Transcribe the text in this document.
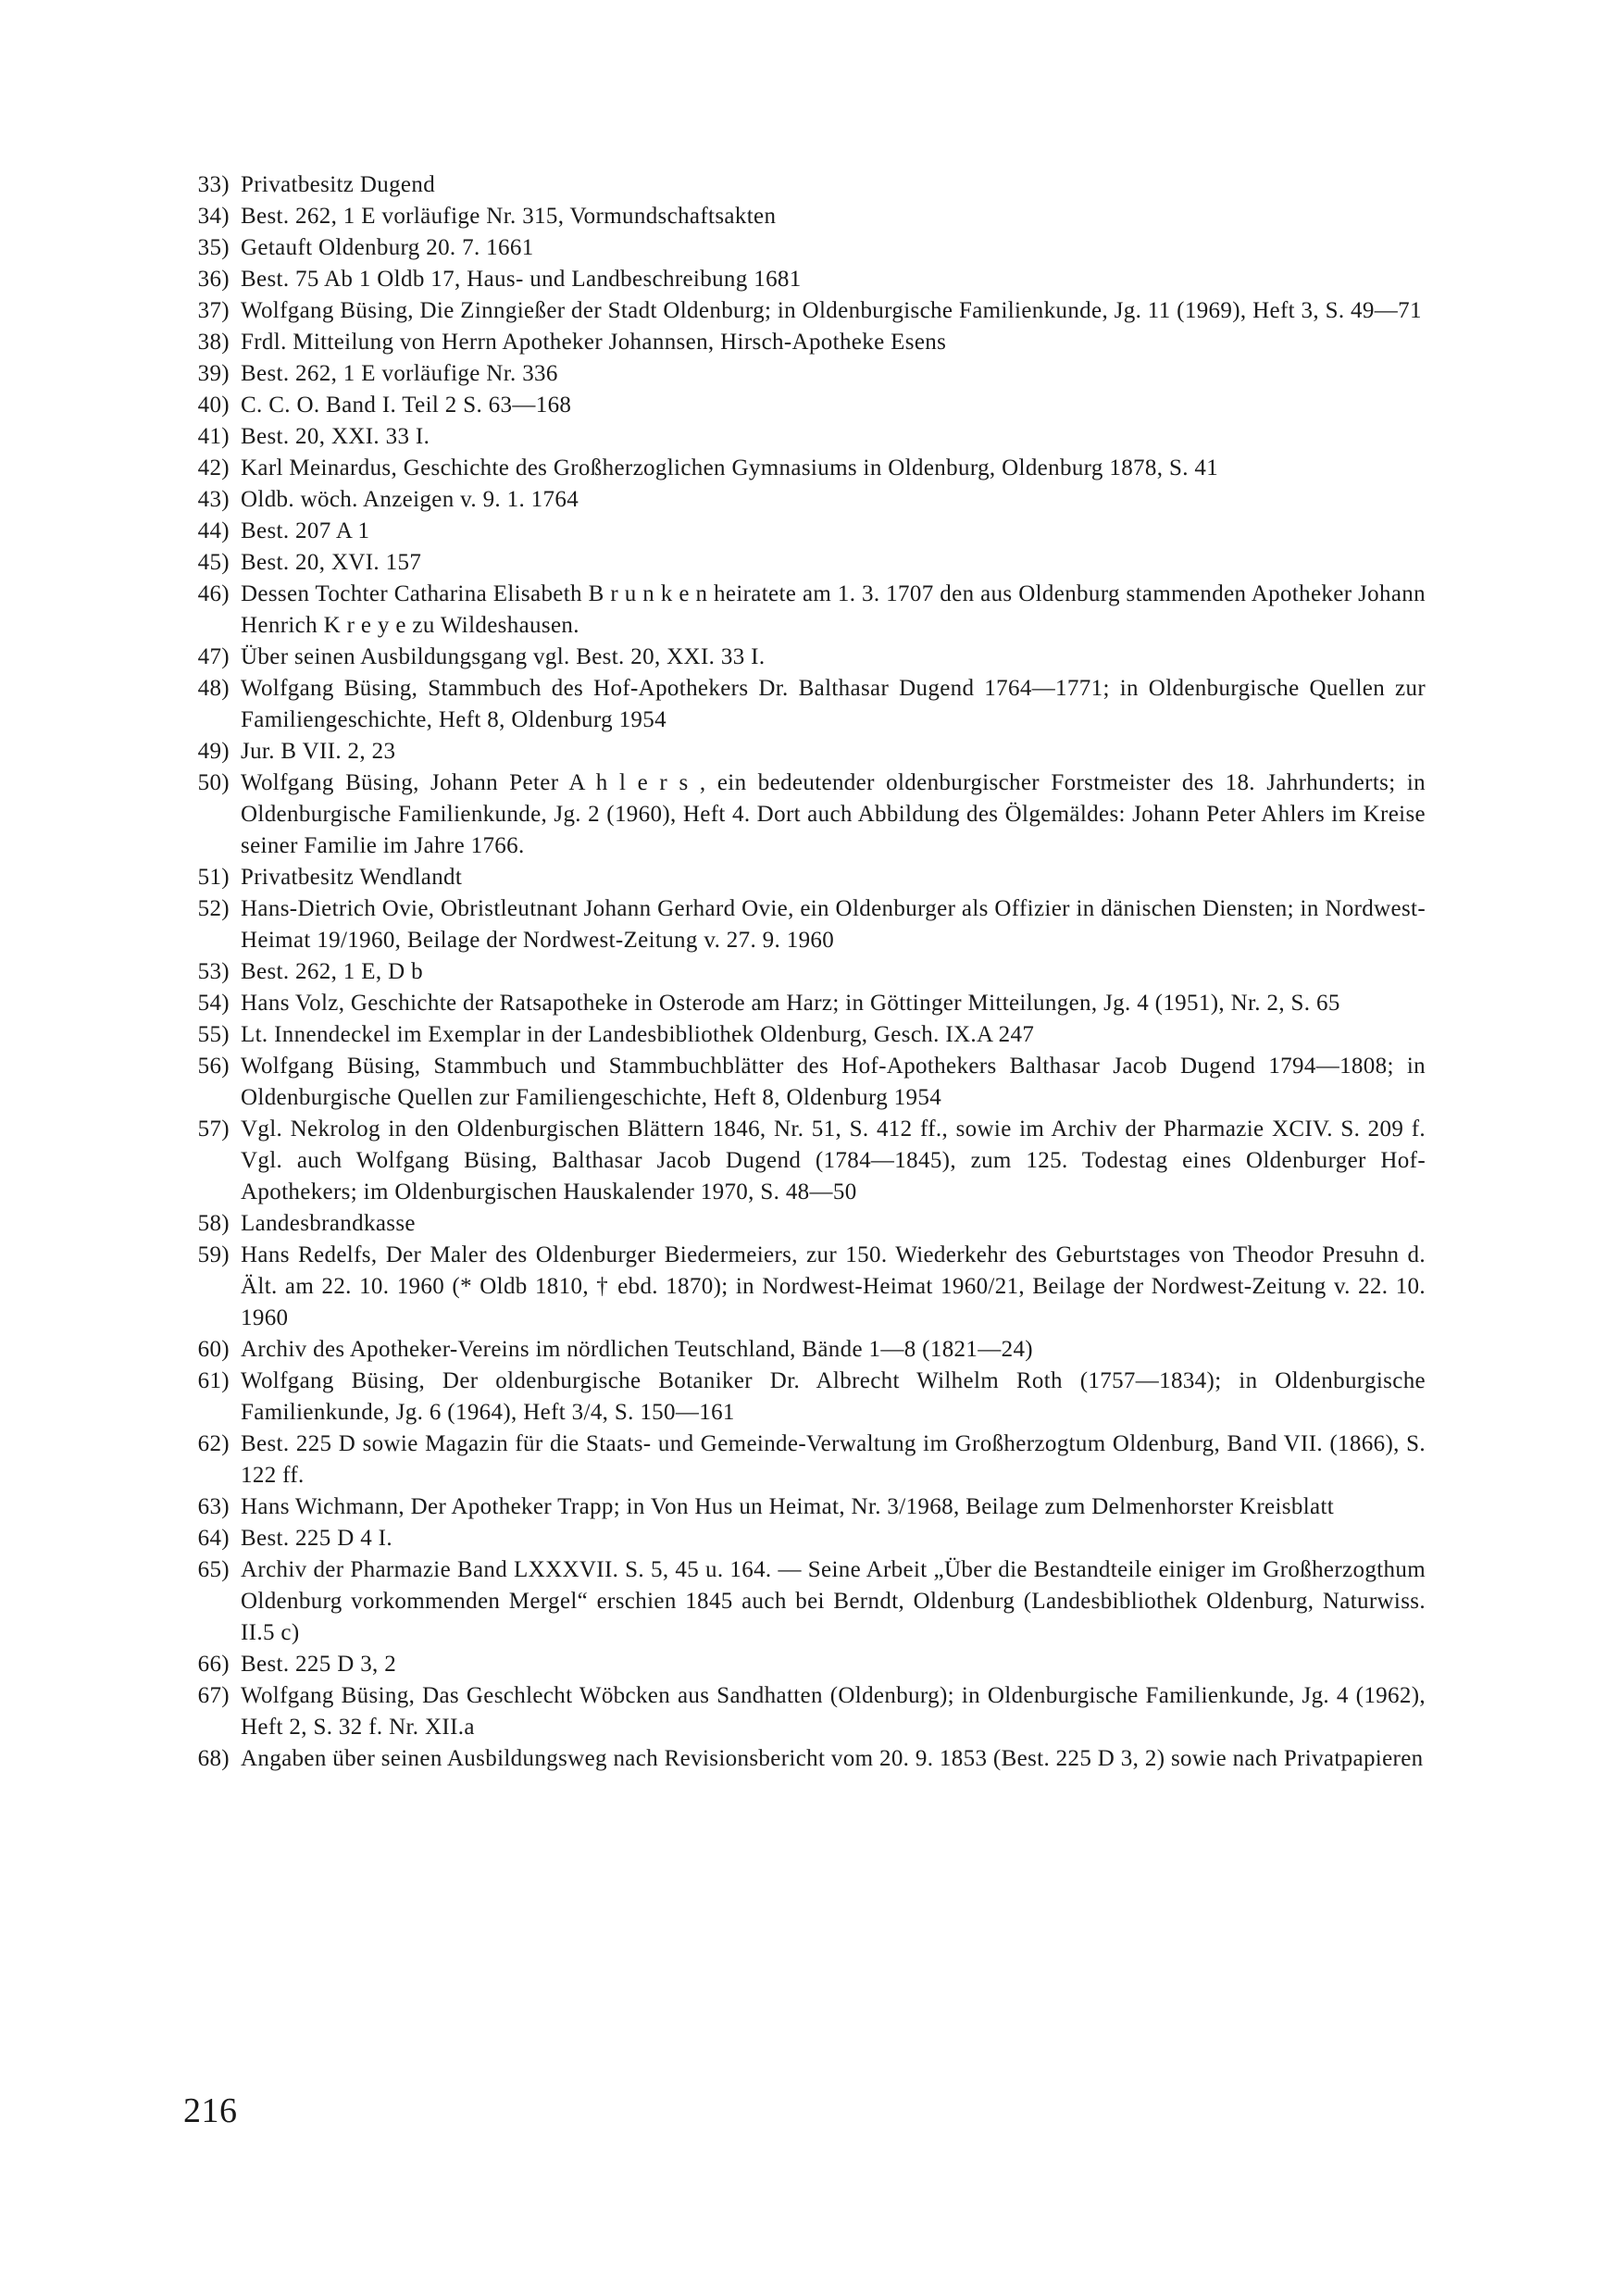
33) Privatbesitz Dugend
34) Best. 262, 1 E vorläufige Nr. 315, Vormundschaftsakten
35) Getauft Oldenburg 20. 7. 1661
36) Best. 75 Ab 1 Oldb 17, Haus- und Landbeschreibung 1681
37) Wolfgang Büsing, Die Zinngießer der Stadt Oldenburg; in Oldenburgische Familienkunde, Jg. 11 (1969), Heft 3, S. 49—71
38) Frdl. Mitteilung von Herrn Apotheker Johannsen, Hirsch-Apotheke Esens
39) Best. 262, 1 E vorläufige Nr. 336
40) C. C. O. Band I. Teil 2 S. 63—168
41) Best. 20, XXI. 33 I.
42) Karl Meinardus, Geschichte des Großherzoglichen Gymnasiums in Oldenburg, Oldenburg 1878, S. 41
43) Oldb. wöch. Anzeigen v. 9. 1. 1764
44) Best. 207 A 1
45) Best. 20, XVI. 157
46) Dessen Tochter Catharina Elisabeth B r u n k e n heiratete am 1. 3. 1707 den aus Oldenburg stammenden Apotheker Johann Henrich K r e y e zu Wildeshausen.
47) Über seinen Ausbildungsgang vgl. Best. 20, XXI. 33 I.
48) Wolfgang Büsing, Stammbuch des Hof-Apothekers Dr. Balthasar Dugend 1764—1771; in Oldenburgische Quellen zur Familiengeschichte, Heft 8, Oldenburg 1954
49) Jur. B VII. 2, 23
50) Wolfgang Büsing, Johann Peter A h l e r s , ein bedeutender oldenburgischer Forstmeister des 18. Jahrhunderts; in Oldenburgische Familienkunde, Jg. 2 (1960), Heft 4. Dort auch Abbildung des Ölgemäldes: Johann Peter Ahlers im Kreise seiner Familie im Jahre 1766.
51) Privatbesitz Wendlandt
52) Hans-Dietrich Ovie, Obristleutnant Johann Gerhard Ovie, ein Oldenburger als Offizier in dänischen Diensten; in Nordwest-Heimat 19/1960, Beilage der Nordwest-Zeitung v. 27. 9. 1960
53) Best. 262, 1 E, D b
54) Hans Volz, Geschichte der Ratsapotheke in Osterode am Harz; in Göttinger Mitteilungen, Jg. 4 (1951), Nr. 2, S. 65
55) Lt. Innendeckel im Exemplar in der Landesbibliothek Oldenburg, Gesch. IX.A 247
56) Wolfgang Büsing, Stammbuch und Stammbuchblätter des Hof-Apothekers Balthasar Jacob Dugend 1794—1808; in Oldenburgische Quellen zur Familiengeschichte, Heft 8, Oldenburg 1954
57) Vgl. Nekrolog in den Oldenburgischen Blättern 1846, Nr. 51, S. 412 ff., sowie im Archiv der Pharmazie XCIV. S. 209 f. Vgl. auch Wolfgang Büsing, Balthasar Jacob Dugend (1784—1845), zum 125. Todestag eines Oldenburger Hof-Apothekers; im Oldenburgischen Hauskalender 1970, S. 48—50
58) Landesbrandkasse
59) Hans Redelfs, Der Maler des Oldenburger Biedermeiers, zur 150. Wiederkehr des Geburtstages von Theodor Presuhn d. Ält. am 22. 10. 1960 (* Oldb 1810, † ebd. 1870); in Nordwest-Heimat 1960/21, Beilage der Nordwest-Zeitung v. 22. 10. 1960
60) Archiv des Apotheker-Vereins im nördlichen Teutschland, Bände 1—8 (1821—24)
61) Wolfgang Büsing, Der oldenburgische Botaniker Dr. Albrecht Wilhelm Roth (1757—1834); in Oldenburgische Familienkunde, Jg. 6 (1964), Heft 3/4, S. 150—161
62) Best. 225 D sowie Magazin für die Staats- und Gemeinde-Verwaltung im Großherzogtum Oldenburg, Band VII. (1866), S. 122 ff.
63) Hans Wichmann, Der Apotheker Trapp; in Von Hus un Heimat, Nr. 3/1968, Beilage zum Delmenhorster Kreisblatt
64) Best. 225 D 4 I.
65) Archiv der Pharmazie Band LXXXVII. S. 5, 45 u. 164. — Seine Arbeit „Über die Bestandteile einiger im Großherzogthum Oldenburg vorkommenden Mergel“ erschien 1845 auch bei Berndt, Oldenburg (Landesbibliothek Oldenburg, Naturwiss. II.5 c)
66) Best. 225 D 3, 2
67) Wolfgang Büsing, Das Geschlecht Wöbcken aus Sandhatten (Oldenburg); in Oldenburgische Familienkunde, Jg. 4 (1962), Heft 2, S. 32 f. Nr. XII.a
68) Angaben über seinen Ausbildungsweg nach Revisionsbericht vom 20. 9. 1853 (Best. 225 D 3, 2) sowie nach Privatpapieren
216
